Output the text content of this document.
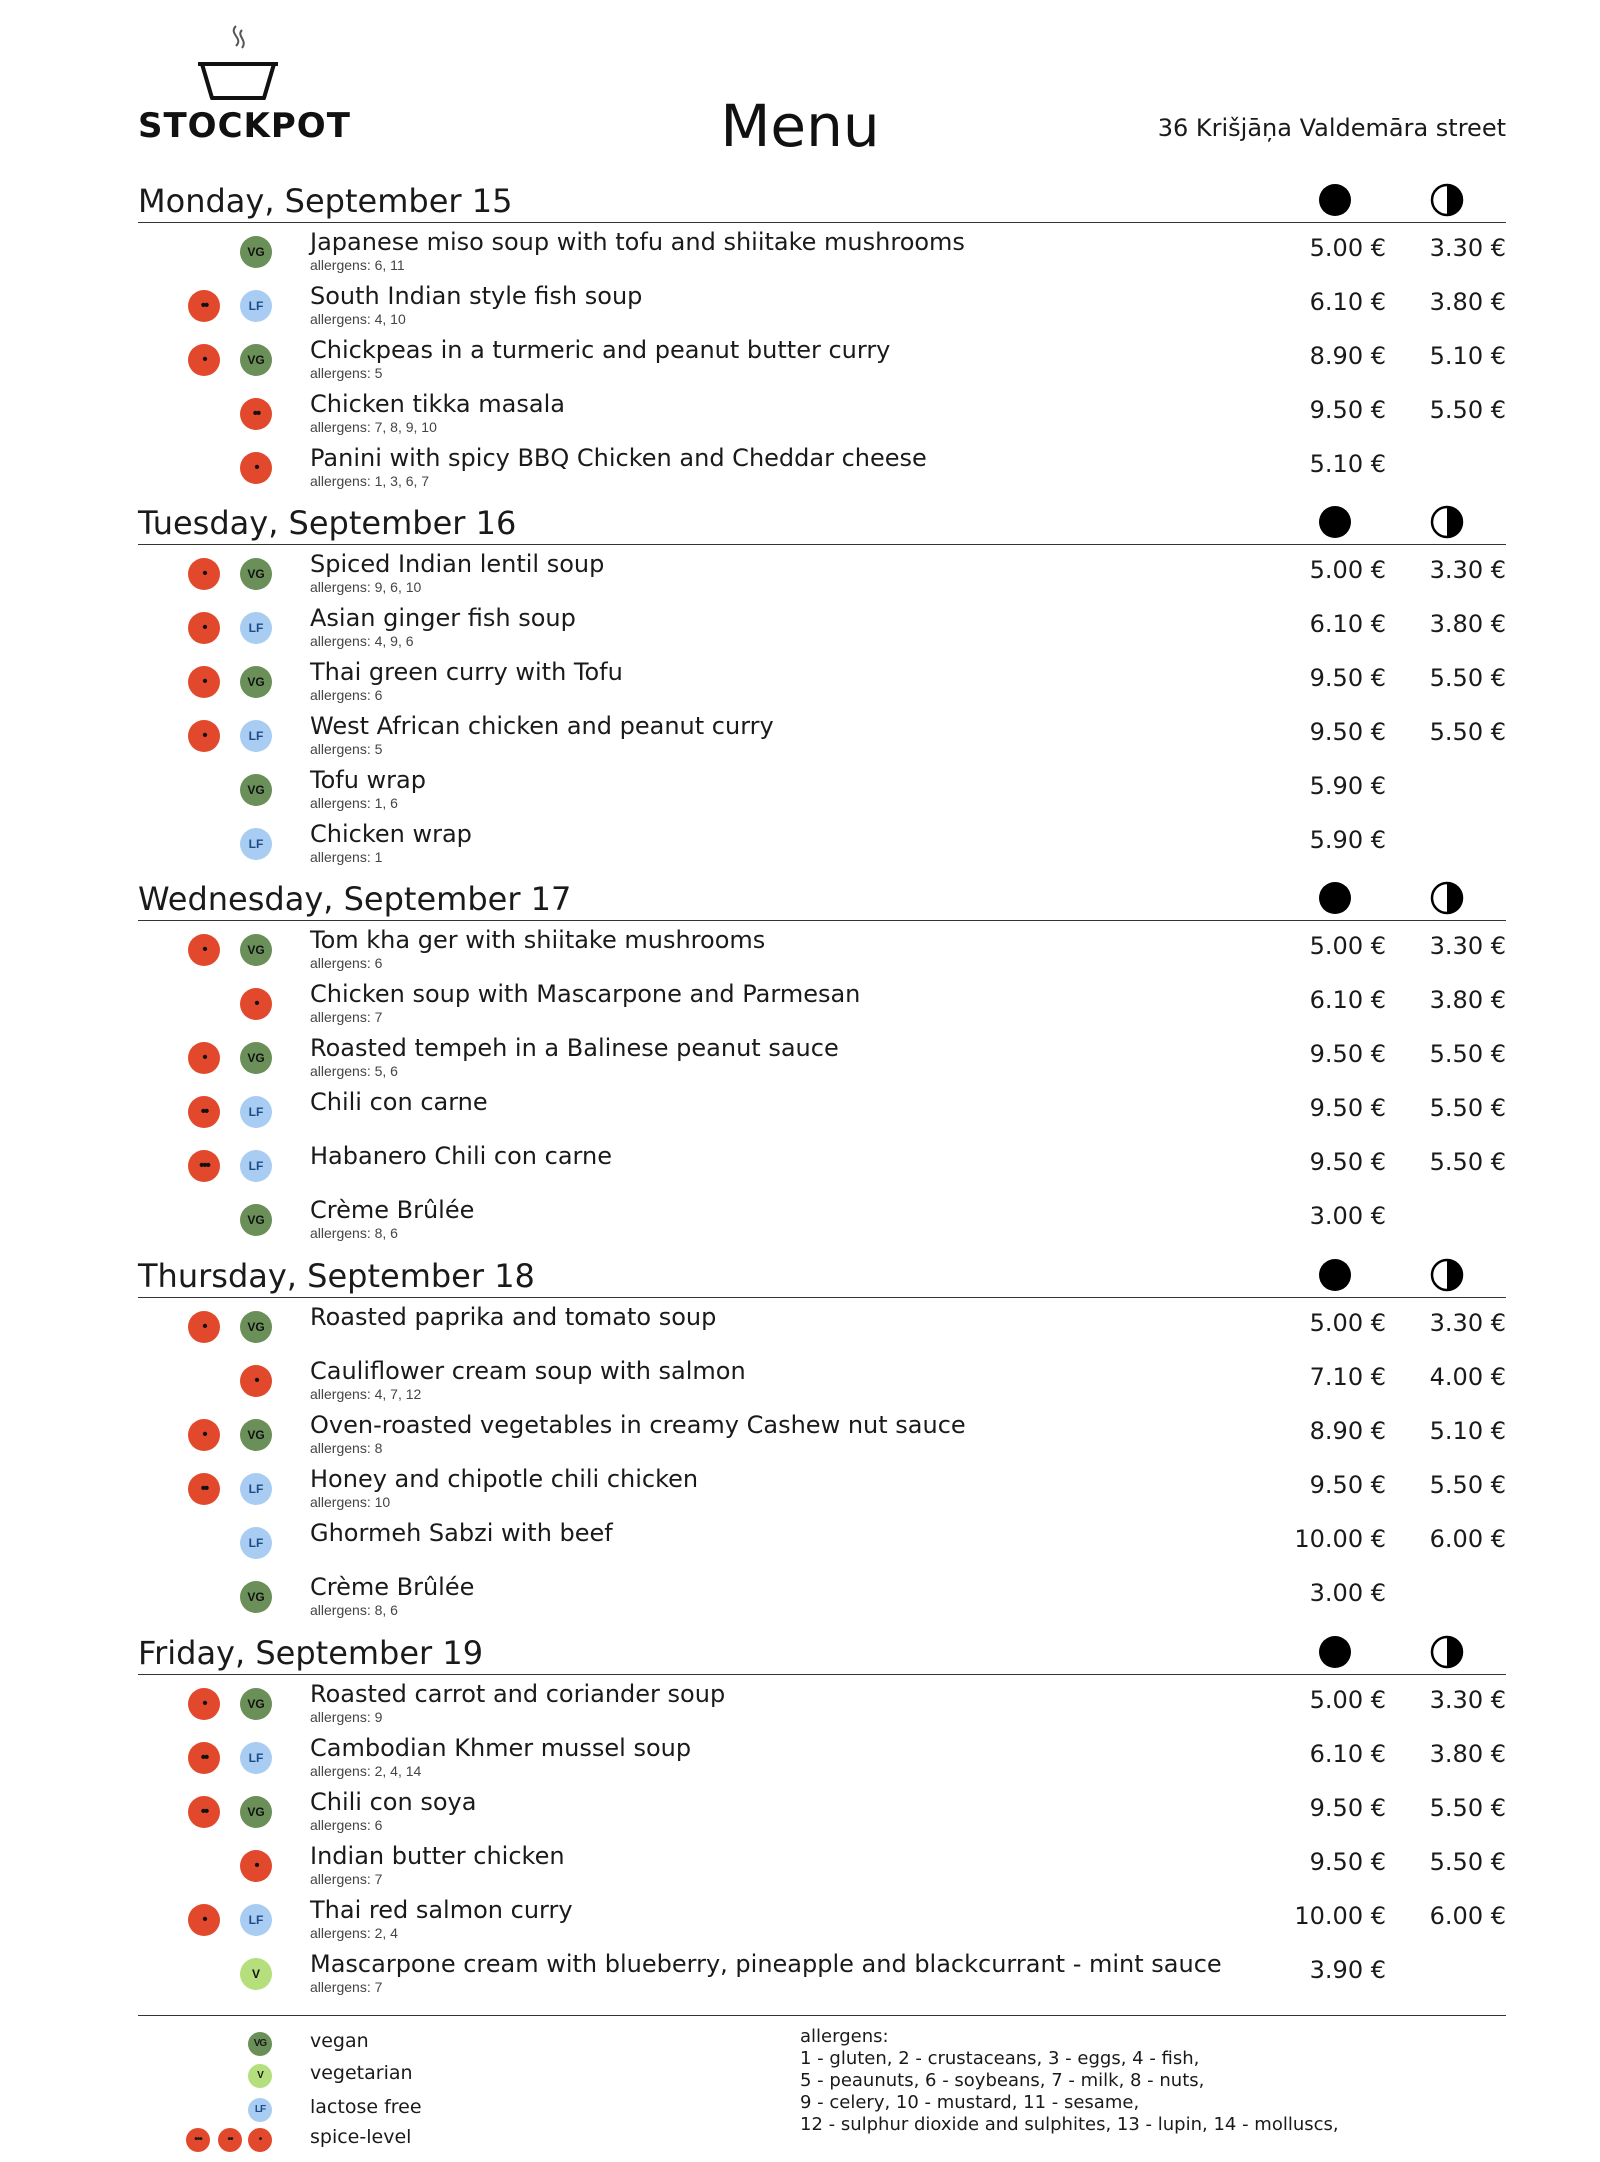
STOCKPOT	Menu	36 Krišjāņa Valdemāra street
Monday, September 15
VG	Japanese miso soup with tofu and shiitake mushrooms
allergens: 6, 11
5.00 € 3.30 €
••	LF	South Indian style fish soup
allergens: 4, 10
6.10 € 3.80 €
•	VG	Chickpeas in a turmeric and peanut butter curry
allergens: 5
8.90 € 5.10 €
••	Chicken tikka masala
allergens: 7, 8, 9, 10
9.50 € 5.50 €
•	Panini with spicy BBQ Chicken and Cheddar cheese
allergens: 1, 3, 6, 7
5.10 €
Tuesday, September 16
•	VG	Spiced Indian lentil soup
allergens: 9, 6, 10
5.00 € 3.30 €
•	LF	Asian ginger fish soup
allergens: 4, 9, 6
6.10 € 3.80 €
•	VG	Thai green curry with Tofu
allergens: 6
9.50 € 5.50 €
•	LF	West African chicken and peanut curry
allergens: 5
9.50 € 5.50 €
VG	Tofu wrap
allergens: 1, 6
5.90 €
LF	Chicken wrap
allergens: 1
5.90 €
Wednesday, September 17
•	VG	Tom kha ger with shiitake mushrooms
allergens: 6
5.00 € 3.30 €
•	Chicken soup with Mascarpone and Parmesan
allergens: 7
6.10 € 3.80 €
•	VG	Roasted tempeh in a Balinese peanut sauce
allergens: 5, 6
9.50 € 5.50 €
••	LF	Chili con carne	9.50 € 5.50 €
•••	LF	Habanero Chili con carne	9.50 € 5.50 €
VG	Crème Brûlée
allergens: 8, 6
3.00 €
Thursday, September 18
•	VG	Roasted paprika and tomato soup	5.00 € 3.30 €
•	Cauliflower cream soup with salmon
allergens: 4, 7, 12
7.10 € 4.00 €
•	VG	Oven-roasted vegetables in creamy Cashew nut sauce
allergens: 8
8.90 € 5.10 €
••	LF	Honey and chipotle chili chicken
allergens: 10
9.50 € 5.50 €
LF	Ghormeh Sabzi with beef	10.00 € 6.00 €
VG	Crème Brûlée
allergens: 8, 6
3.00 €
Friday, September 19
•	VG	Roasted carrot and coriander soup
allergens: 9
5.00 € 3.30 €
••	LF	Cambodian Khmer mussel soup
allergens: 2, 4, 14
6.10 € 3.80 €
••	VG	Chili con soya
allergens: 6
9.50 € 5.50 €
•	Indian butter chicken
allergens: 7
9.50 € 5.50 €
•	LF	Thai red salmon curry
allergens: 2, 4
10.00 € 6.00 €
V	Mascarpone cream with blueberry, pineapple and blackcurrant - mint sauce
allergens: 7
3.90 €
VG	vegan
V	vegetarian
LF	lactose free
•••	••	•	spice-level
allergens:
1 - gluten, 2 - crustaceans, 3 - eggs, 4 - fish,
5 - peaunuts, 6 - soybeans, 7 - milk, 8 - nuts,
9 - celery, 10 - mustard, 11 - sesame,
12 - sulphur dioxide and sulphites, 13 - lupin, 14 - molluscs,
